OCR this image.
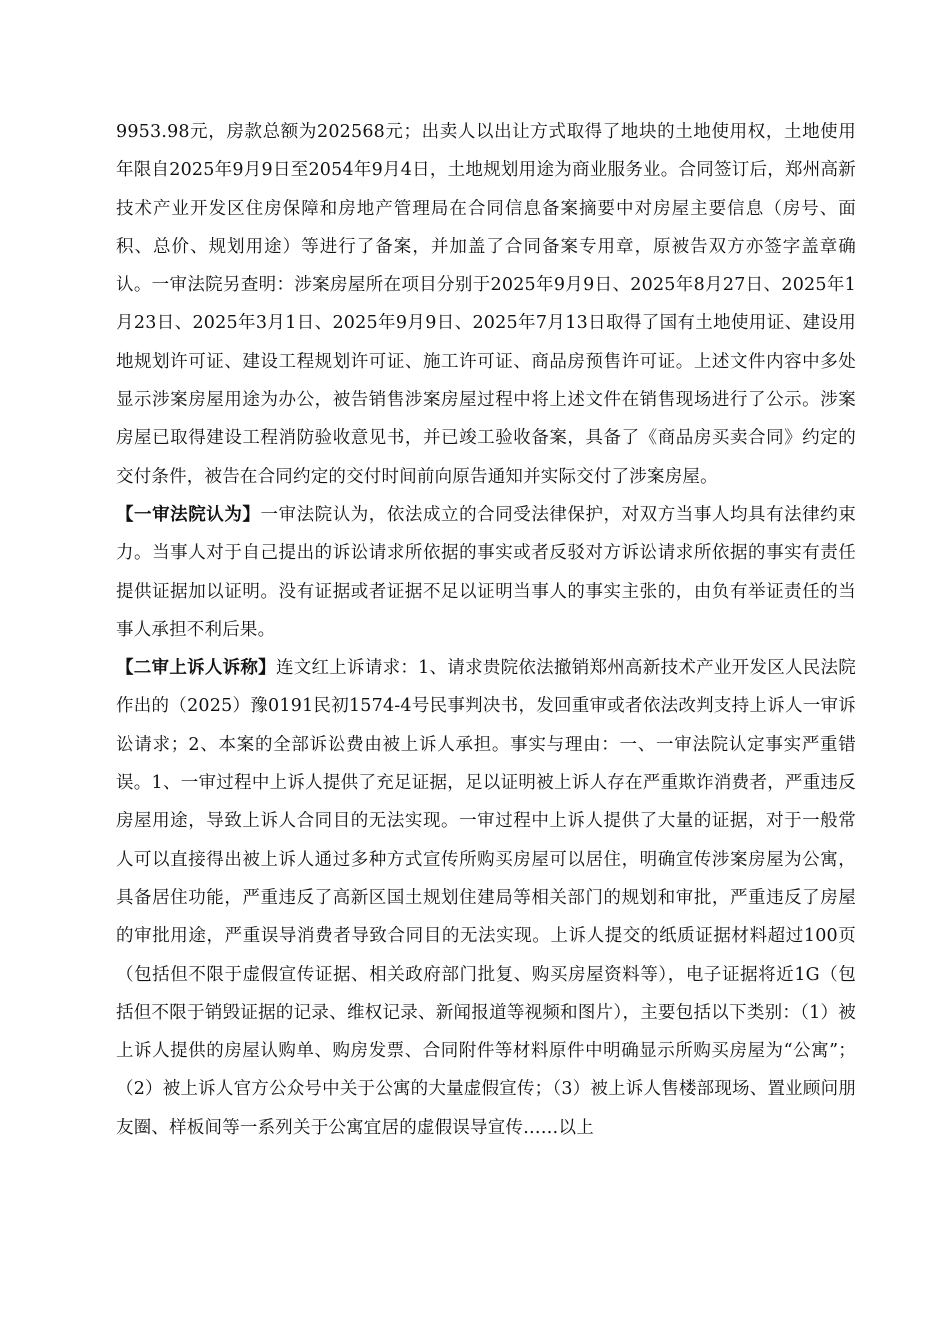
9953.98元，房款总额为202568元；出卖人以出让方式取得了地块的土地使用权，土地使用年限自2025年9月9日至2054年9月4日，土地规划用途为商业服务业。合同签订后，郑州高新技术产业开发区住房保障和房地产管理局在合同信息备案摘要中对房屋主要信息（房号、面积、总价、规划用途）等进行了备案，并加盖了合同备案专用章，原被告双方亦签字盖章确认。一审法院另查明：涉案房屋所在项目分别于2025年9月9日、2025年8月27日、2025年1月23日、2025年3月1日、2025年9月9日、2025年7月13日取得了国有土地使用证、建设用地规划许可证、建设工程规划许可证、施工许可证、商品房预售许可证。上述文件内容中多处显示涉案房屋用途为办公，被告销售涉案房屋过程中将上述文件在销售现场进行了公示。涉案房屋已取得建设工程消防验收意见书，并已竣工验收备案，具备了《商品房买卖合同》约定的交付条件，被告在合同约定的交付时间前向原告通知并实际交付了涉案房屋。

【一审法院认为】一审法院认为，依法成立的合同受法律保护，对双方当事人均具有法律约束力。当事人对于自己提出的诉讼请求所依据的事实或者反驳对方诉讼请求所依据的事实有责任提供证据加以证明。没有证据或者证据不足以证明当事人的事实主张的，由负有举证责任的当事人承担不利后果。

【二审上诉人诉称】连文红上诉请求：1、请求贵院依法撤销郑州高新技术产业开发区人民法院作出的（2025）豫0191民初1574-4号民事判决书，发回重审或者依法改判支持上诉人一审诉讼请求；2、本案的全部诉讼费由被上诉人承担。事实与理由：一、一审法院认定事实严重错误。1、一审过程中上诉人提供了充足证据，足以证明被上诉人存在严重欺诈消费者，严重违反房屋用途，导致上诉人合同目的无法实现。一审过程中上诉人提供了大量的证据，对于一般常人可以直接得出被上诉人通过多种方式宣传所购买房屋可以居住，明确宣传涉案房屋为公寓，具备居住功能，严重违反了高新区国土规划住建局等相关部门的规划和审批，严重违反了房屋的审批用途，严重误导消费者导致合同目的无法实现。上诉人提交的纸质证据材料超过100页（包括但不限于虚假宣传证据、相关政府部门批复、购买房屋资料等），电子证据将近1G（包括但不限于销毁证据的记录、维权记录、新闻报道等视频和图片），主要包括以下类别：（1）被上诉人提供的房屋认购单、购房发票、合同附件等材料原件中明确显示所购买房屋为“公寓”；（2）被上诉人官方公众号中关于公寓的大量虚假宣传；（3）被上诉人售楼部现场、置业顾问朋友圈、样板间等一系列关于公寓宜居的虚假误导宣传……以上
